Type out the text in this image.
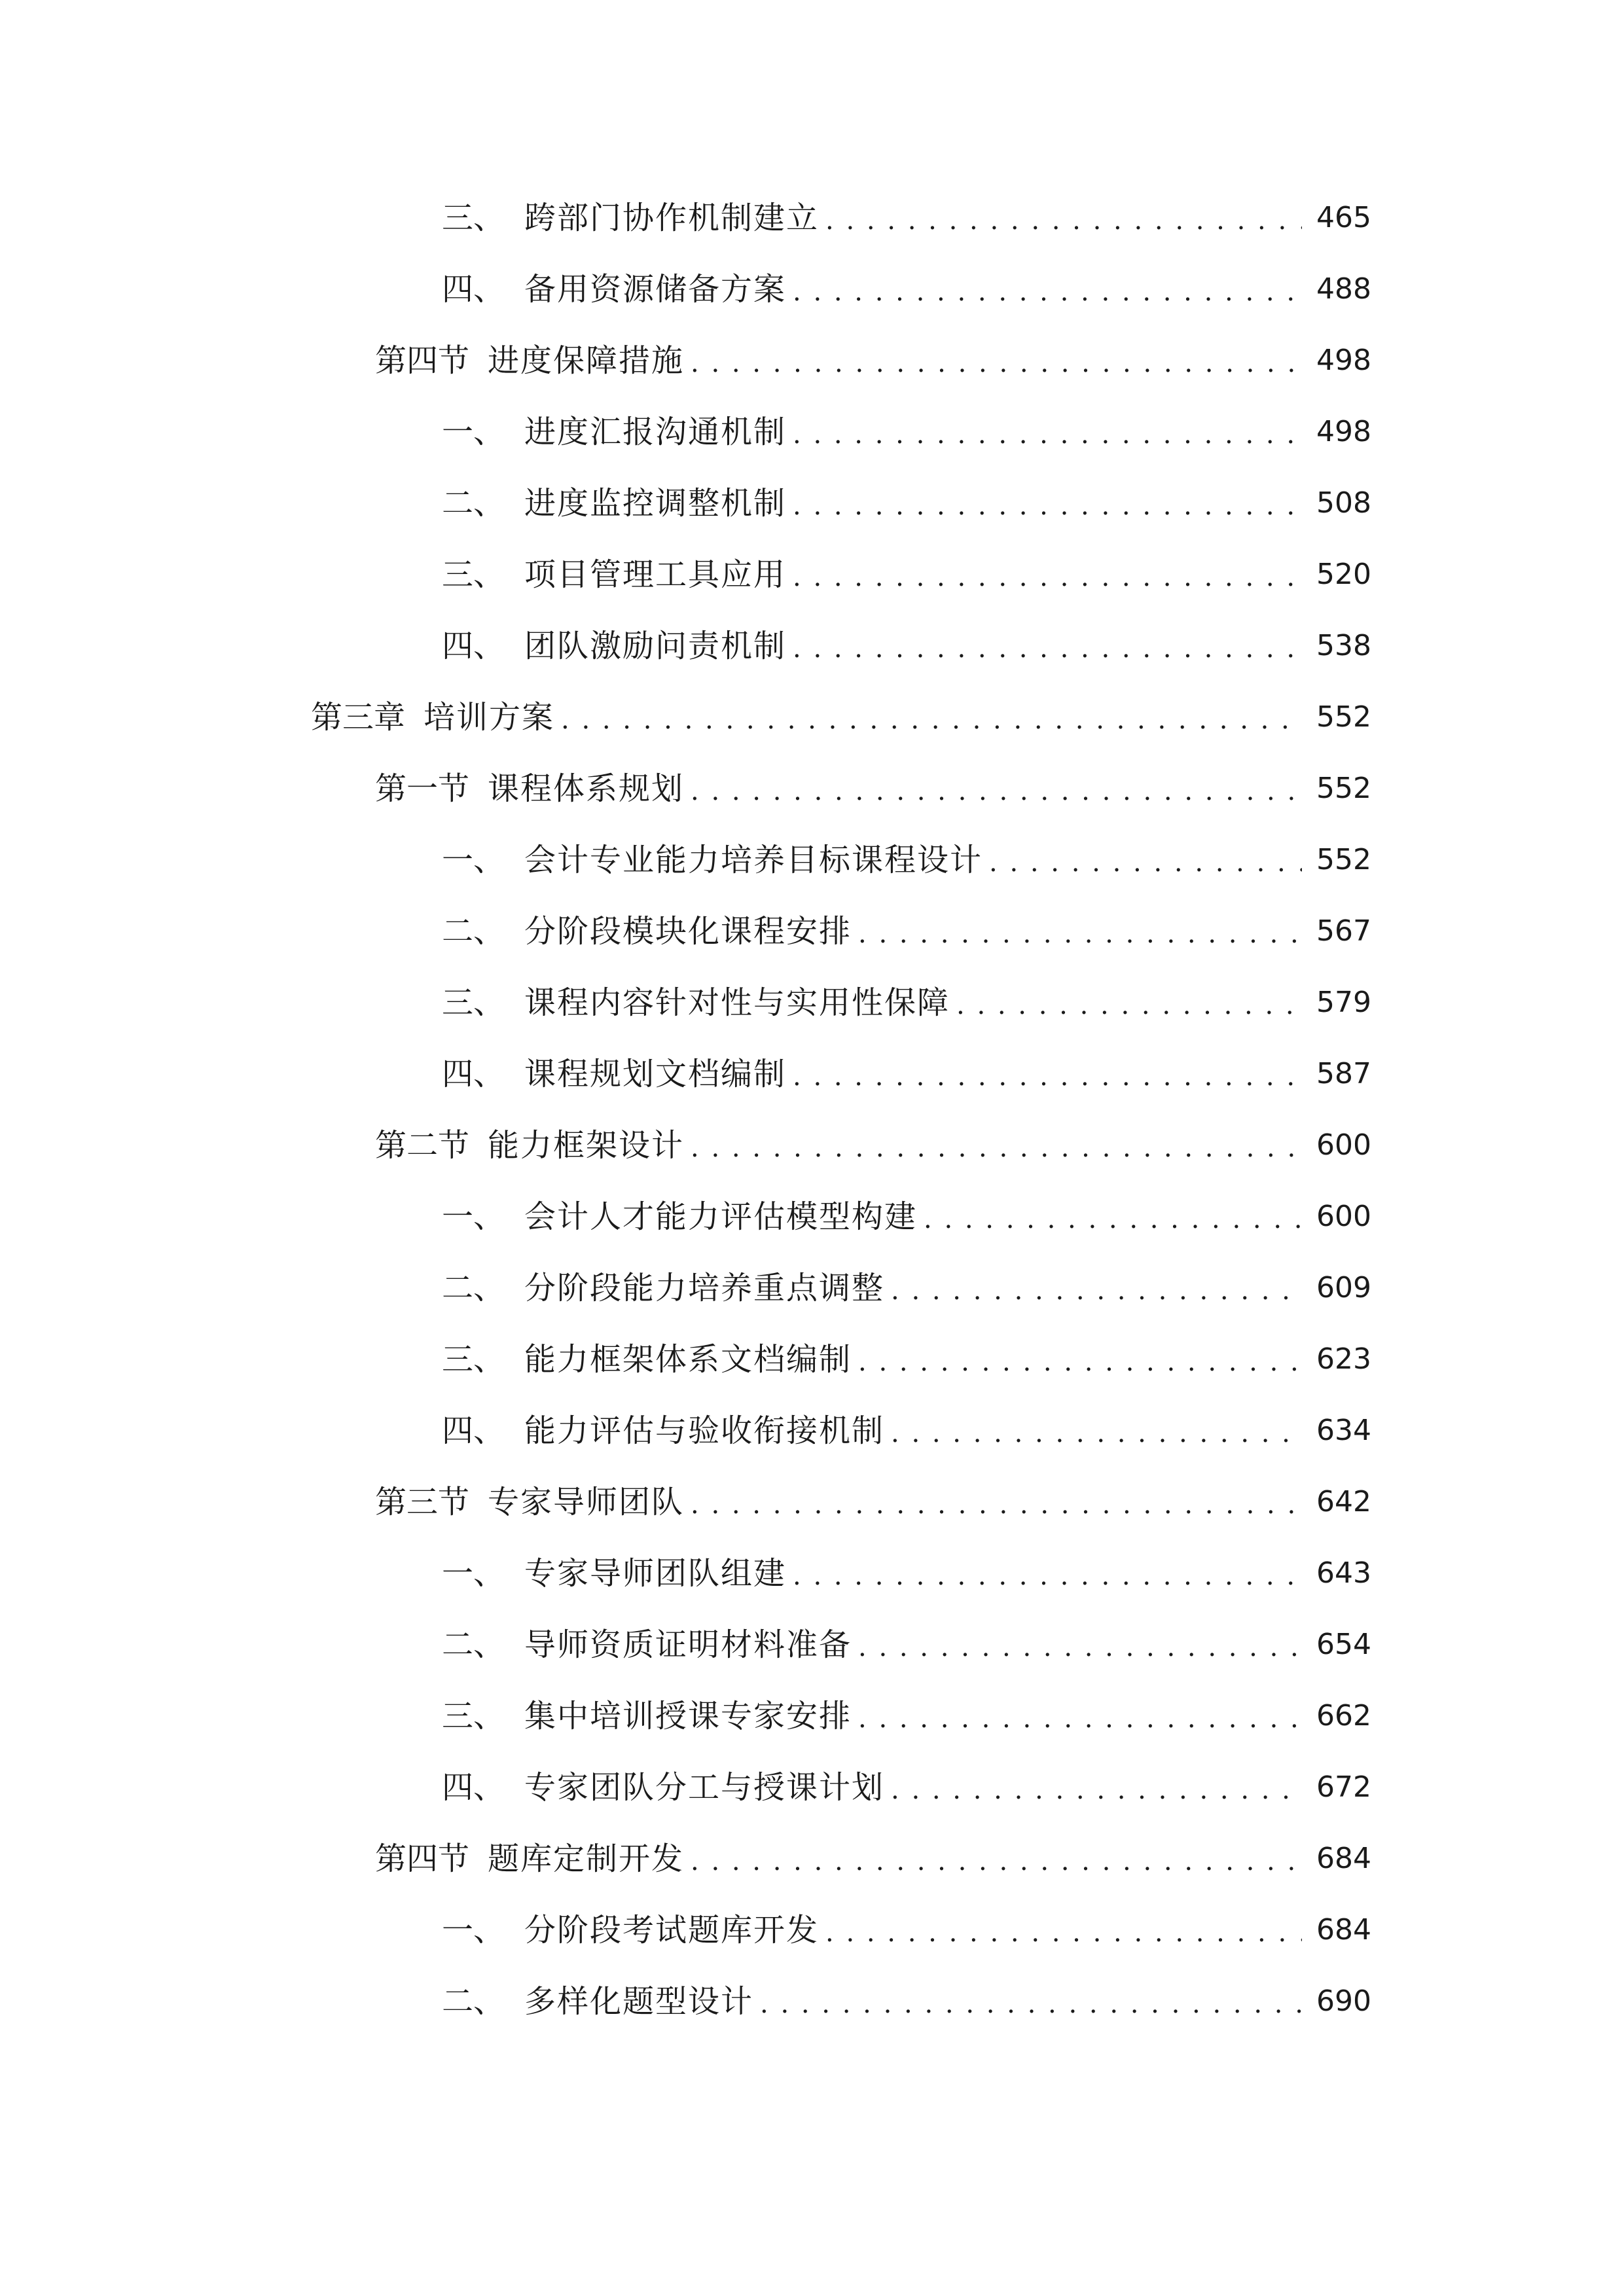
三、 跨部门协作机制建立 . . .	465
四、 备用资源储备方案 . . .	488
第四节 进度保障措施 . . .	498
一、 进度汇报沟通机制 . . .	498
二、 进度监控调整机制 . . .	508
三、 项目管理工具应用 . . .	520
四、 团队激励问责机制 . . .	538
第三章 培训方案 . . .	552
第一节 课程体系规划 . . .	552
一、 会计专业能力培养目标课程设计 . . .	552
二、 分阶段模块化课程安排 . . .	567
三、 课程内容针对性与实用性保障 . . .	579
四、 课程规划文档编制 . . .	587
第二节 能力框架设计 . . .	600
一、 会计人才能力评估模型构建 . . .	600
二、 分阶段能力培养重点调整 . . .	609
三、 能力框架体系文档编制 . . .	623
四、 能力评估与验收衔接机制 . . .	634
第三节 专家导师团队 . . .	642
一、 专家导师团队组建 . . .	643
二、 导师资质证明材料准备 . . .	654
三、 集中培训授课专家安排 . . .	662
四、 专家团队分工与授课计划 . . .	672
第四节 题库定制开发 . . .	684
一、 分阶段考试题库开发 . . .	684
二、 多样化题型设计 . . .	690
